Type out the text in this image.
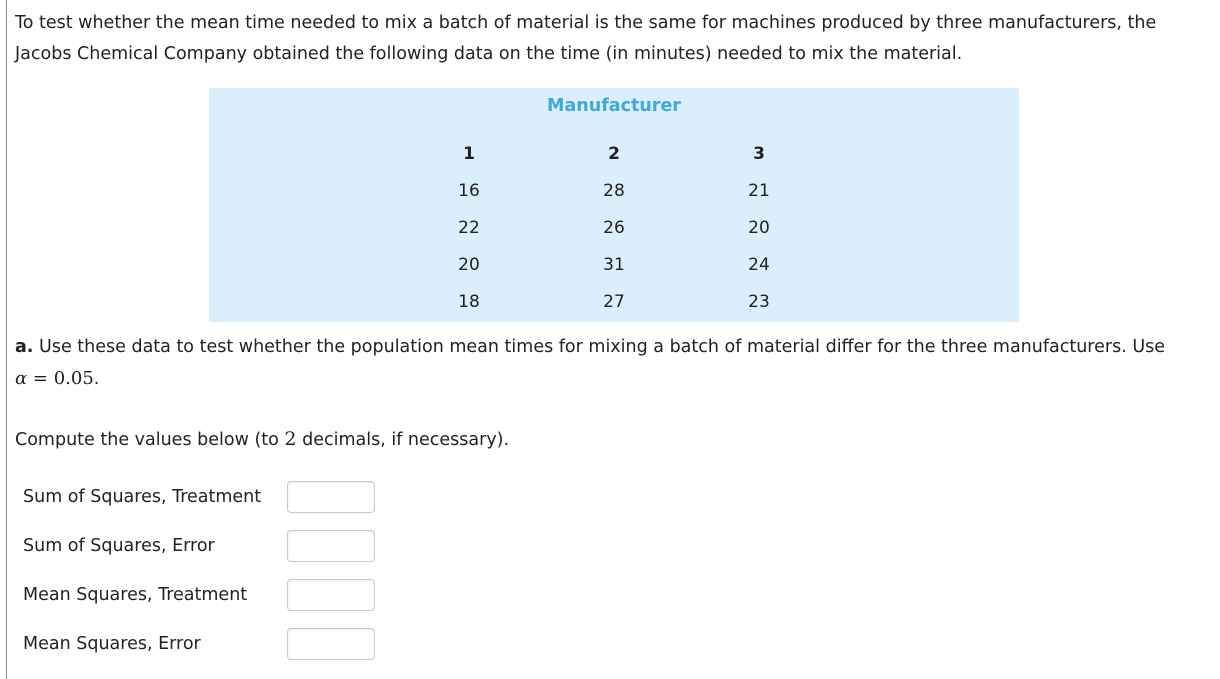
To test whether the mean time needed to mix a batch of material is the same for machines produced by three manufacturers, the Jacobs Chemical Company obtained the following data on the time (in minutes) needed to mix the material.

Manufacturer
1
16
22
20
18
2
28
26
31
27
3
21
20
24
23

a. Use these data to test whether the population mean times for mixing a batch of material differ for the three manufacturers. Use
α = 0.05.

Compute the values below (to 2 decimals, if necessary).

Sum of Squares, Treatment
Sum of Squares, Error
Mean Squares, Treatment
Mean Squares, Error
